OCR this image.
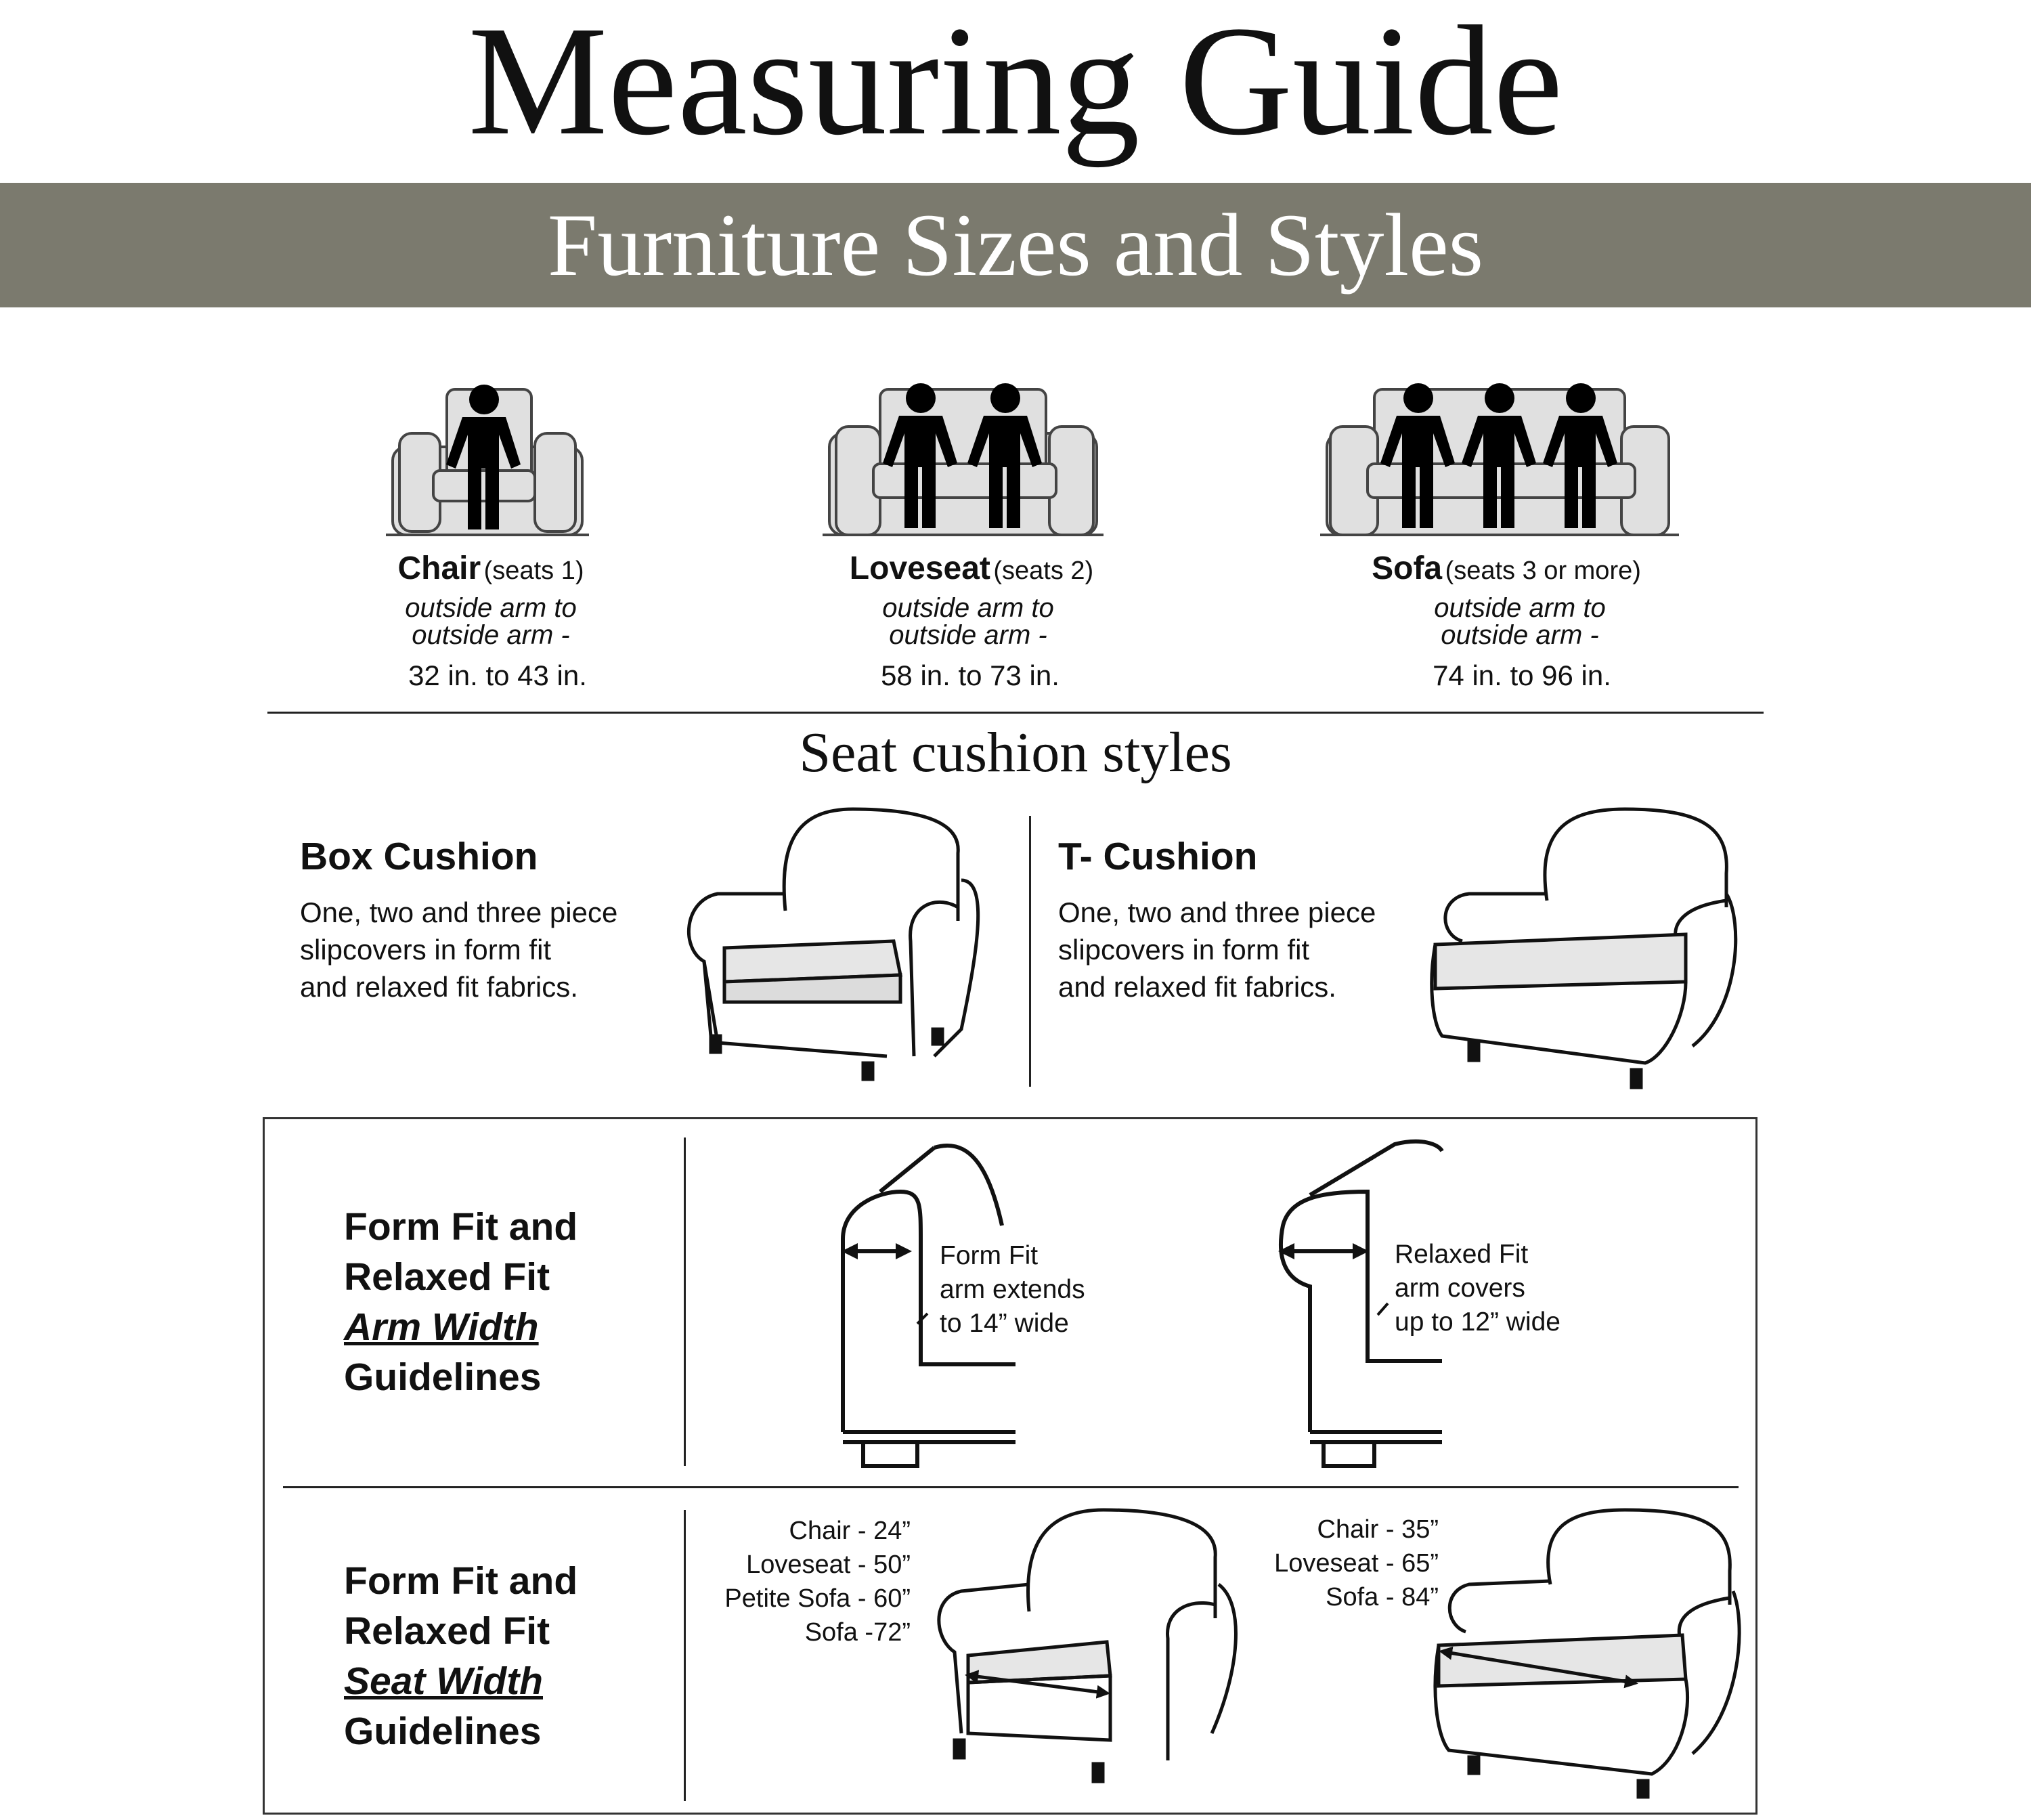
Measuring Guide
Furniture Sizes and Styles
Chair (seats 1)
outside arm to
outside arm -
32 in. to 43 in.
Loveseat (seats 2)
outside arm to
outside arm -
58 in. to 73 in.
Sofa (seats 3 or more)
outside arm to
outside arm -
74 in. to 96 in.
Seat cushion styles
Box Cushion
One, two and three piece
slipcovers in form fit
and relaxed fit fabrics.
T- Cushion
One, two and three piece
slipcovers in form fit
and relaxed fit fabrics.
Form Fit and
Relaxed Fit
Arm Width
Guidelines
Form Fit
arm extends
to 14” wide
Relaxed Fit
arm covers
up to 12” wide
Form Fit and
Relaxed Fit
Seat Width
Guidelines
Chair - 24”
Loveseat - 50”
Petite Sofa - 60”
Sofa -72”
Chair - 35”
Loveseat - 65”
Sofa - 84”
